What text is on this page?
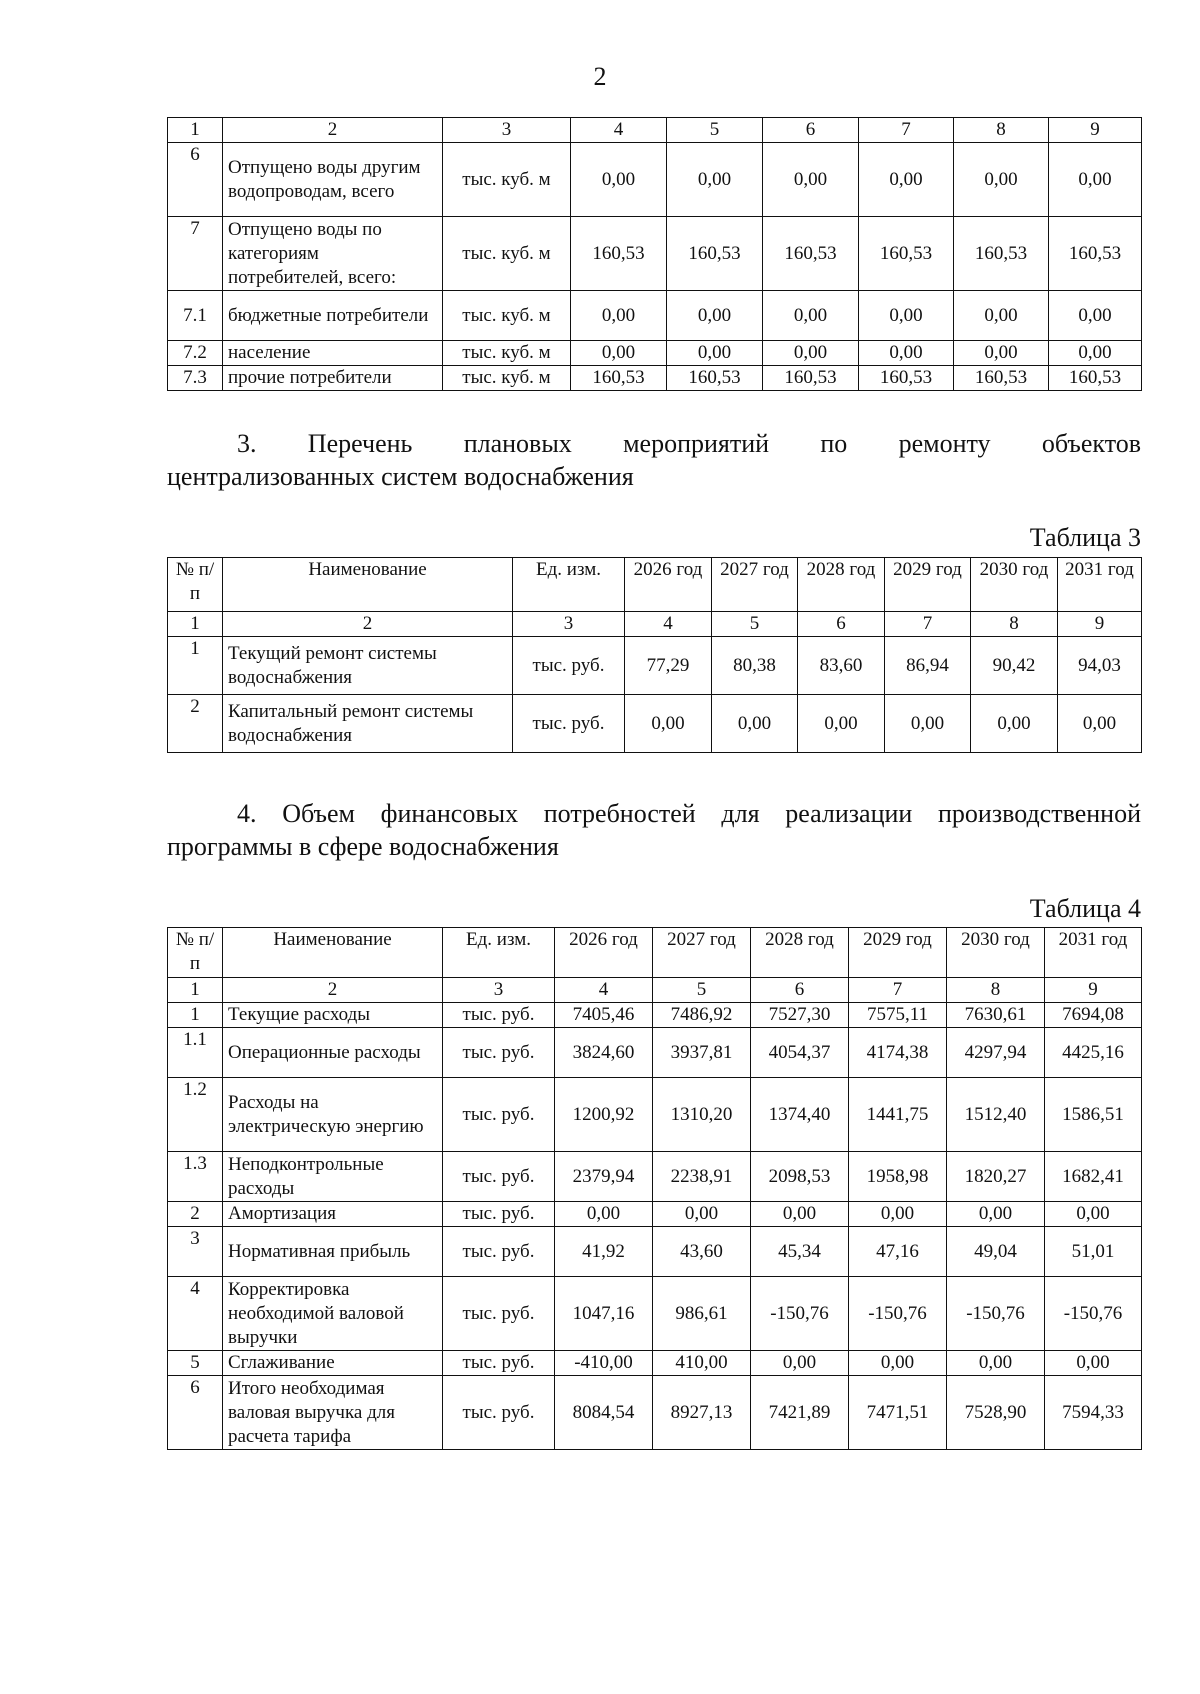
2
1	2	3	4	5	6	7	8	9
6	Отпущено воды другим водопроводам, всего	тыс. куб. м	0,00	0,00	0,00	0,00	0,00	0,00
7	Отпущено воды по категориям потребителей, всего:	тыс. куб. м	160,53	160,53	160,53	160,53	160,53	160,53
7.1	бюджетные потребители	тыс. куб. м	0,00	0,00	0,00	0,00	0,00	0,00
7.2	население	тыс. куб. м	0,00	0,00	0,00	0,00	0,00	0,00
7.3	прочие потребители	тыс. куб. м	160,53	160,53	160,53	160,53	160,53	160,53
3. Перечень плановых мероприятий по ремонту объектов
централизованных систем водоснабжения
Таблица 3
№ п/п	Наименование	Ед. изм.	2026 год	2027 год	2028 год	2029 год	2030 год	2031 год
1	2	3	4	5	6	7	8	9
1	Текущий ремонт системы водоснабжения	тыс. руб.	77,29	80,38	83,60	86,94	90,42	94,03
2	Капитальный ремонт системы водоснабжения	тыс. руб.	0,00	0,00	0,00	0,00	0,00	0,00
4. Объем финансовых потребностей для реализации производственной
программы в сфере водоснабжения
Таблица 4
№ п/п	Наименование	Ед. изм.	2026 год	2027 год	2028 год	2029 год	2030 год	2031 год
1	2	3	4	5	6	7	8	9
1	Текущие расходы	тыс. руб.	7405,46	7486,92	7527,30	7575,11	7630,61	7694,08
1.1	Операционные расходы	тыс. руб.	3824,60	3937,81	4054,37	4174,38	4297,94	4425,16
1.2	Расходы на электрическую энергию	тыс. руб.	1200,92	1310,20	1374,40	1441,75	1512,40	1586,51
1.3	Неподконтрольные расходы	тыс. руб.	2379,94	2238,91	2098,53	1958,98	1820,27	1682,41
2	Амортизация	тыс. руб.	0,00	0,00	0,00	0,00	0,00	0,00
3	Нормативная прибыль	тыс. руб.	41,92	43,60	45,34	47,16	49,04	51,01
4	Корректировка необходимой валовой выручки	тыс. руб.	1047,16	986,61	-150,76	-150,76	-150,76	-150,76
5	Сглаживание	тыс. руб.	-410,00	410,00	0,00	0,00	0,00	0,00
6	Итого необходимая валовая выручка для расчета тарифа	тыс. руб.	8084,54	8927,13	7421,89	7471,51	7528,90	7594,33
